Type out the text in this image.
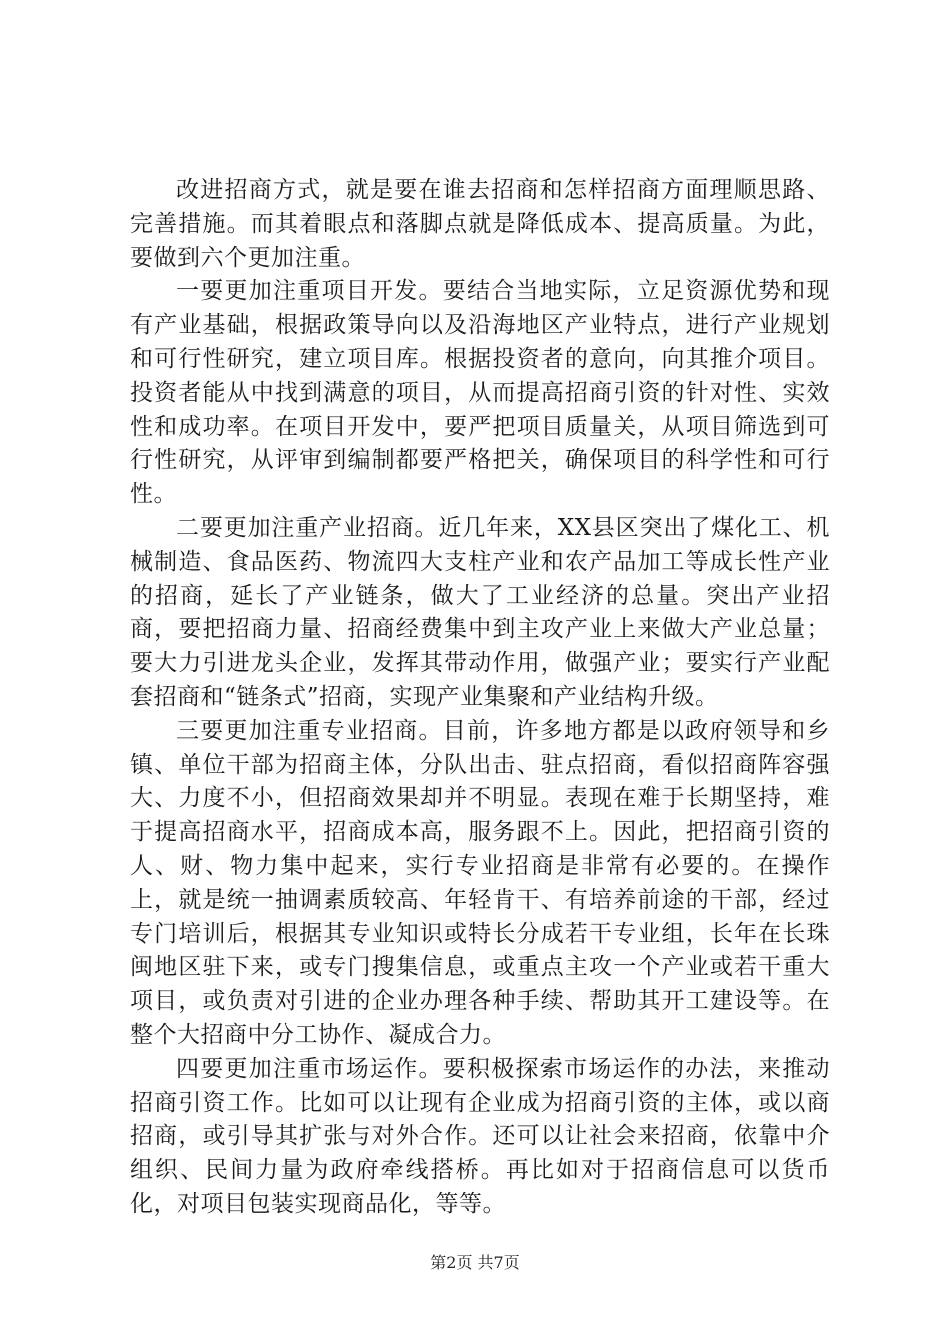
改进招商方式，就是要在谁去招商和怎样招商方面理顺思路、完善措施。而其着眼点和落脚点就是降低成本、提高质量。为此，要做到六个更加注重。

一要更加注重项目开发。要结合当地实际，立足资源优势和现有产业基础，根据政策导向以及沿海地区产业特点，进行产业规划和可行性研究，建立项目库。根据投资者的意向，向其推介项目。投资者能从中找到满意的项目，从而提高招商引资的针对性、实效性和成功率。在项目开发中，要严把项目质量关，从项目筛选到可行性研究，从评审到编制都要严格把关，确保项目的科学性和可行性。

二要更加注重产业招商。近几年来，XX县区突出了煤化工、机械制造、食品医药、物流四大支柱产业和农产品加工等成长性产业的招商，延长了产业链条，做大了工业经济的总量。突出产业招商，要把招商力量、招商经费集中到主攻产业上来做大产业总量；要大力引进龙头企业，发挥其带动作用，做强产业；要实行产业配套招商和“链条式”招商，实现产业集聚和产业结构升级。

三要更加注重专业招商。目前，许多地方都是以政府领导和乡镇、单位干部为招商主体，分队出击、驻点招商，看似招商阵容强大、力度不小，但招商效果却并不明显。表现在难于长期坚持，难于提高招商水平，招商成本高，服务跟不上。因此，把招商引资的人、财、物力集中起来，实行专业招商是非常有必要的。在操作上，就是统一抽调素质较高、年轻肯干、有培养前途的干部，经过专门培训后，根据其专业知识或特长分成若干专业组，长年在长珠闽地区驻下来，或专门搜集信息，或重点主攻一个产业或若干重大项目，或负责对引进的企业办理各种手续、帮助其开工建设等。在整个大招商中分工协作、凝成合力。

四要更加注重市场运作。要积极探索市场运作的办法，来推动招商引资工作。比如可以让现有企业成为招商引资的主体，或以商招商，或引导其扩张与对外合作。还可以让社会来招商，依靠中介组织、民间力量为政府牵线搭桥。再比如对于招商信息可以货币化，对项目包装实现商品化，等等。

第2页 共7页
